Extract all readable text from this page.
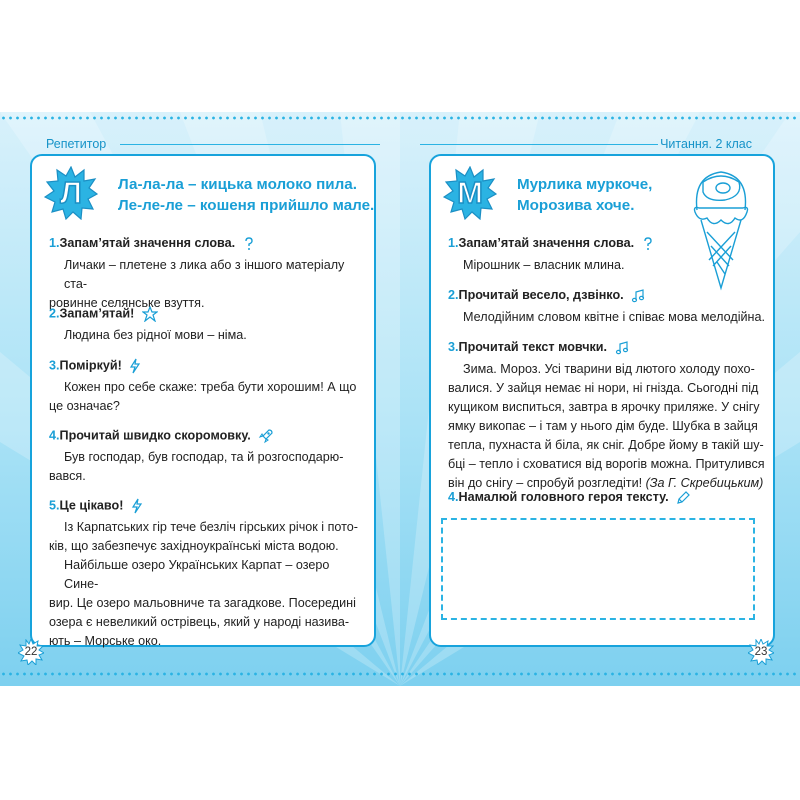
Репетитор	Читання. 2 клас
Л	Ла-ла-ла – кицька молоко пила.
Ле-ле-ле – кошеня прийшло мале.
1.Запам’ятай значення слова.
Личаки – плетене з лика або з іншого матеріалу ста-
ровинне селянське взуття.
2.Запам’ятай!
Людина без рідної мови – німа.
3.Поміркуй!
Кожен про себе скаже: треба бути хорошим! А що
це означає?
4.Прочитай швидко скоромовку.
Був господар, був господар, та й розгосподарю-
вався.
5.Це цікаво!
Із Карпатських гір тече безліч гірських річок і пото-
ків, що забезпечує західноукраїнські міста водою.
Найбільше озеро Українських Карпат – озеро Сине-
вир. Це озеро мальовниче та загадкове. Посередині
озера є невеликий острівець, який у народі назива-
ють – Морське око.
М	Мурлика муркоче,
Морозива хоче.
1.Запам’ятай значення слова.
Мірошник – власник млина.
2.Прочитай весело, дзвінко.
Мелодійним словом квітне і співає мова мелодійна.
3.Прочитай текст мовчки.
Зима. Мороз. Усі тварини від лютого холоду похо-
валися. У зайця немає ні нори, ні гнізда. Сьогодні під
кущиком виспиться, завтра в ярочку приляже. У снігу
ямку викопає – і там у нього дім буде. Шубка в зайця
тепла, пухнаста й біла, як сніг. Добре йому в такій шу-
бці – тепло і сховатися від ворогів можна. Притулився
він до снігу – спробуй розгледіти!
(За Г. Скребицьким)
4.Намалюй головного героя тексту.
22	23
